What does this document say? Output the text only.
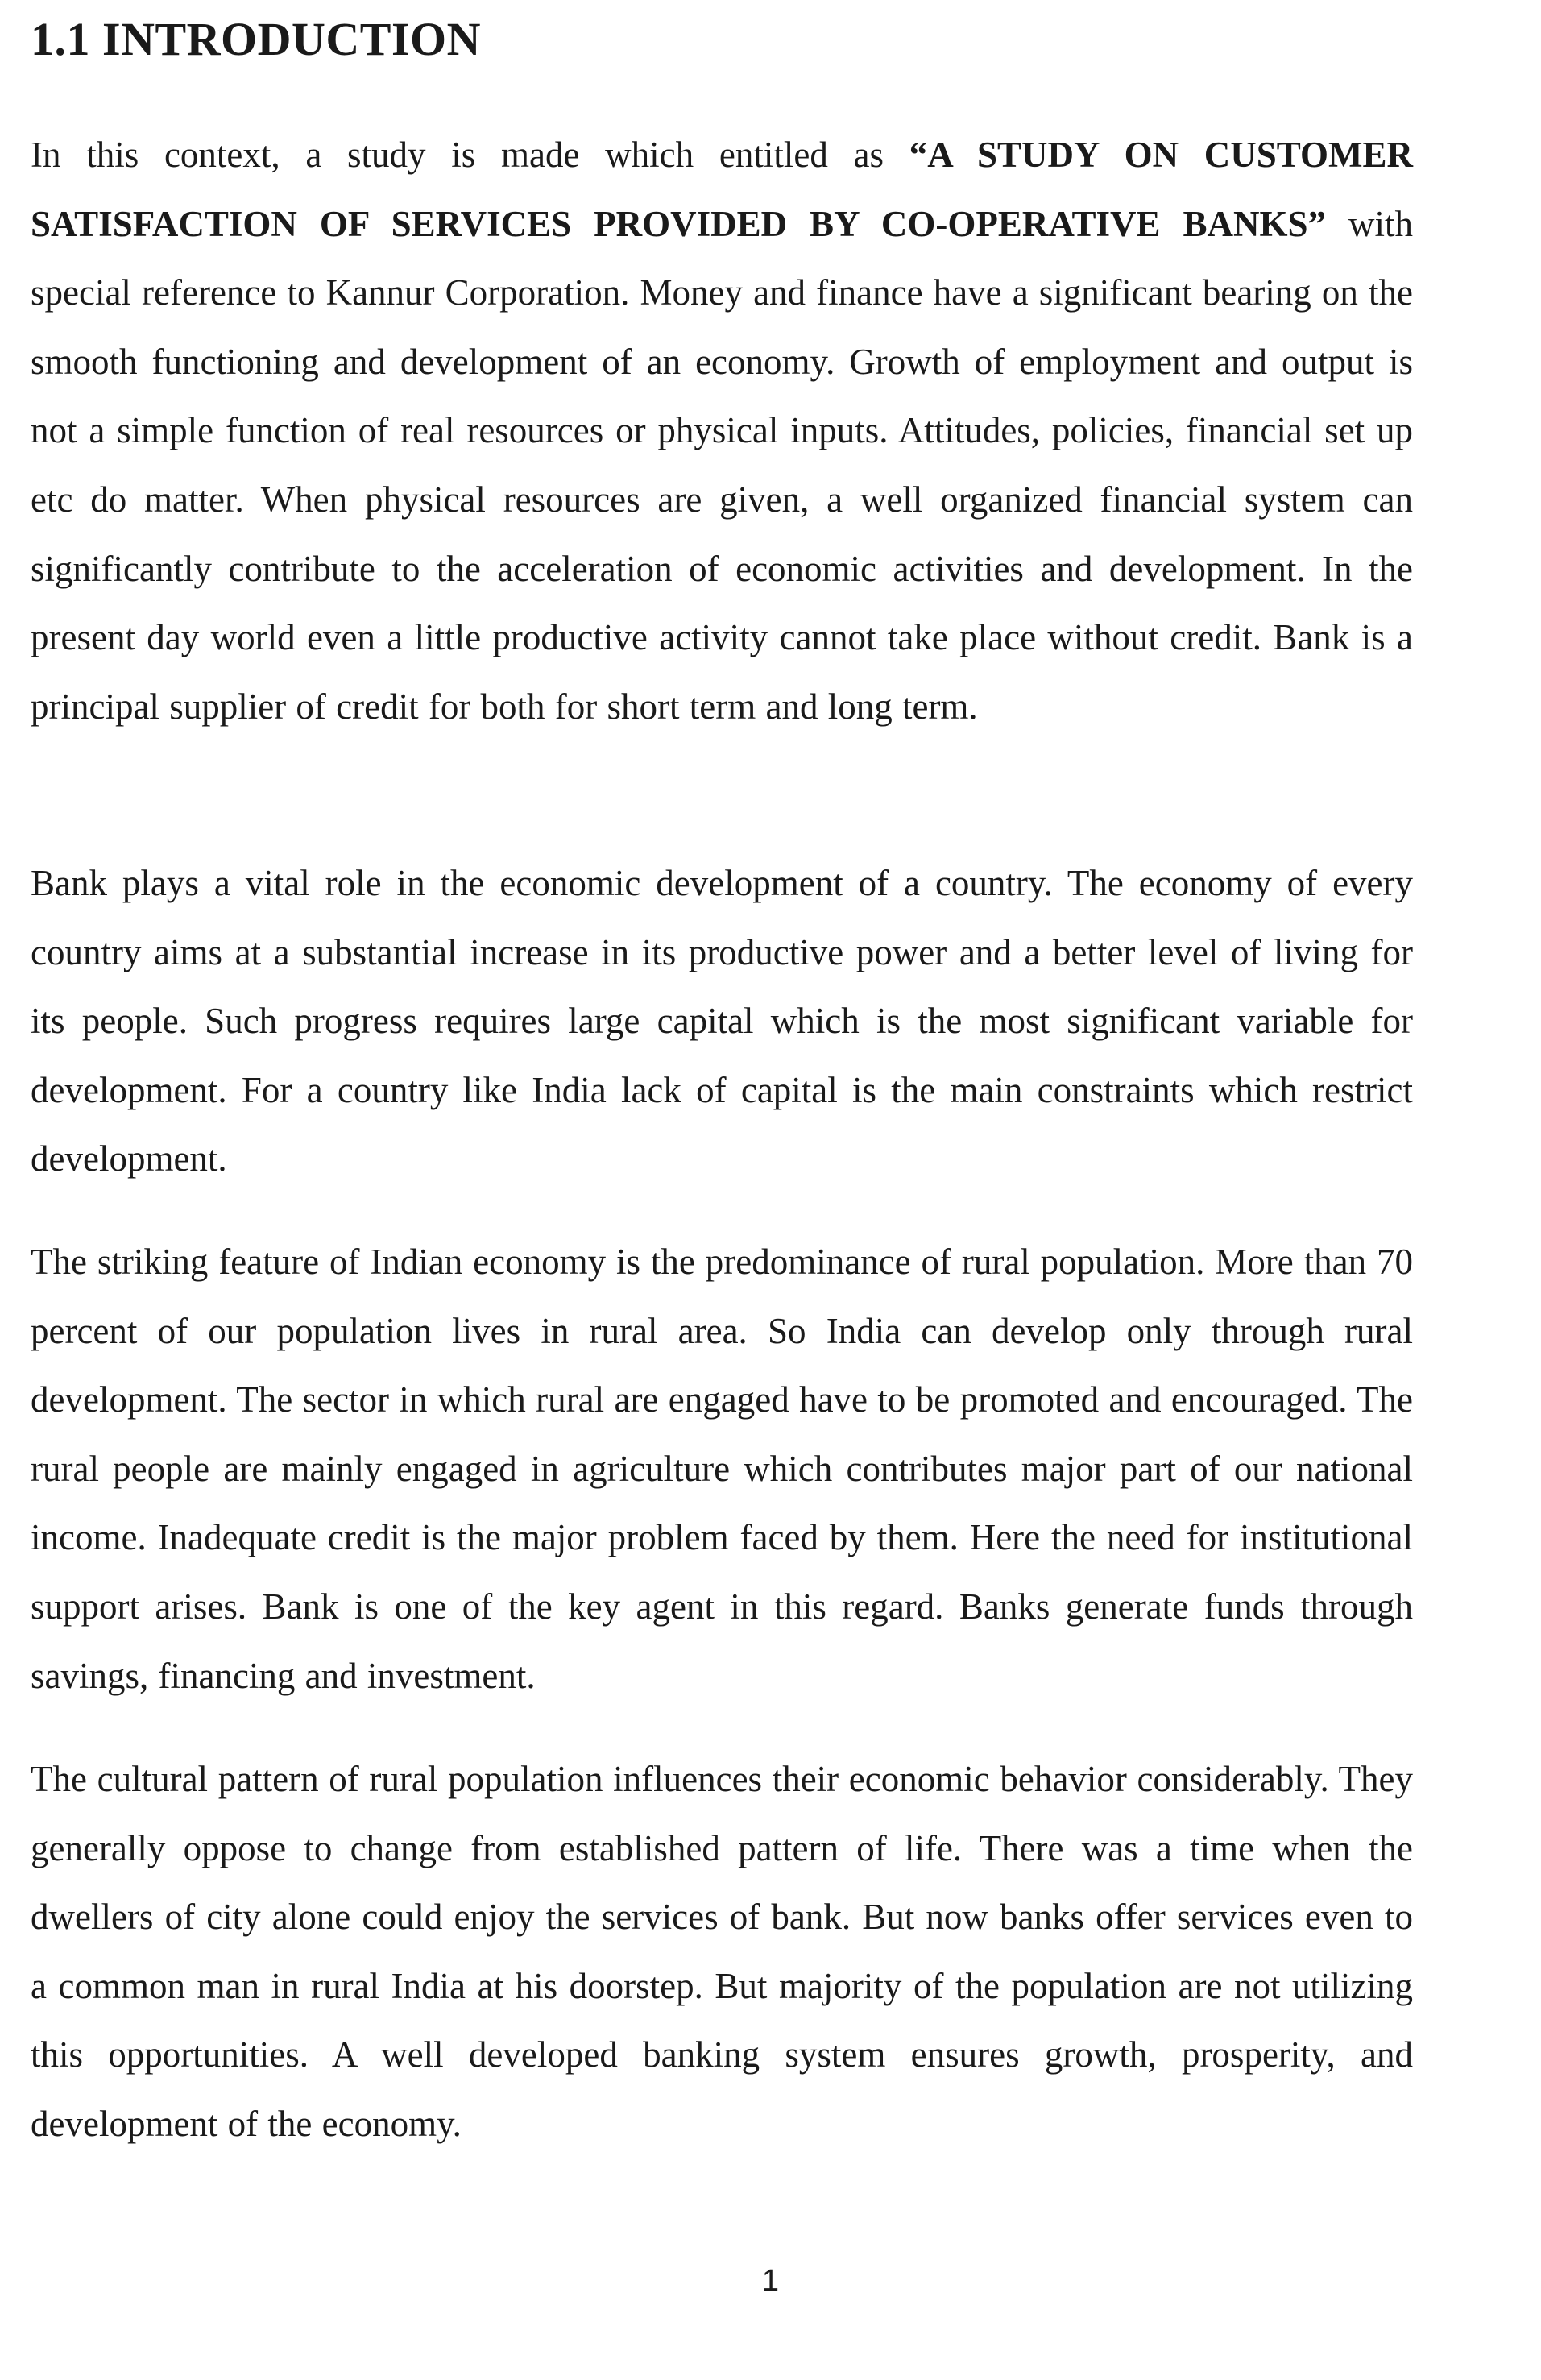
1.1 INTRODUCTION

In this context, a study is made which entitled as “A STUDY ON CUSTOMER SATISFACTION OF SERVICES PROVIDED BY CO-OPERATIVE BANKS” with special reference to Kannur Corporation. Money and finance have a significant bearing on the smooth functioning and development of an economy. Growth of employment and output is not a simple function of real resources or physical inputs. Attitudes, policies, financial set up etc do matter. When physical resources are given, a well organized financial system can significantly contribute to the acceleration of economic activities and development. In the present day world even a little productive activity cannot take place without credit. Bank is a principal supplier of credit for both for short term and long term.

Bank plays a vital role in the economic development of a country. The economy of every country aims at a substantial increase in its productive power and a better level of living for its people. Such progress requires large capital which is the most significant variable for development. For a country like India lack of capital is the main constraints which restrict development.

The striking feature of Indian economy is the predominance of rural population. More than 70 percent of our population lives in rural area. So India can develop only through rural development. The sector in which rural are engaged have to be promoted and encouraged. The rural people are mainly engaged in agriculture which contributes major part of our national income. Inadequate credit is the major problem faced by them. Here the need for institutional support arises. Bank is one of the key agent in this regard. Banks generate funds through savings, financing and investment.

The cultural pattern of rural population influences their economic behavior considerably. They generally oppose to change from established pattern of life. There was a time when the dwellers of city alone could enjoy the services of bank. But now banks offer services even to a common man in rural India at his doorstep. But majority of the population are not utilizing this opportunities. A well developed banking system ensures growth, prosperity, and development of the economy.

1
